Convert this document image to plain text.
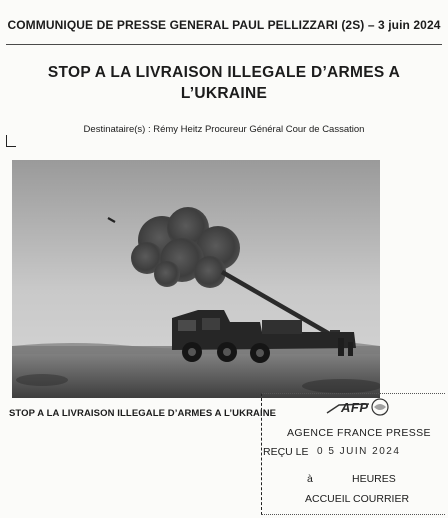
COMMUNIQUE DE PRESSE GENERAL PAUL PELLIZZARI (2S) – 3 juin 2024
STOP A LA LIVRAISON ILLEGALE D’ARMES A
L’UKRAINE
Destinataire(s) : Rémy Heitz Procureur Général Cour de Cassation
STOP A LA LIVRAISON ILLEGALE D’ARMES A L’UKRAINE	AFP
AGENCE FRANCE PRESSE
REÇU LE 0 5 JUIN 2024
à	HEURES
ACCUEIL COURRIER
